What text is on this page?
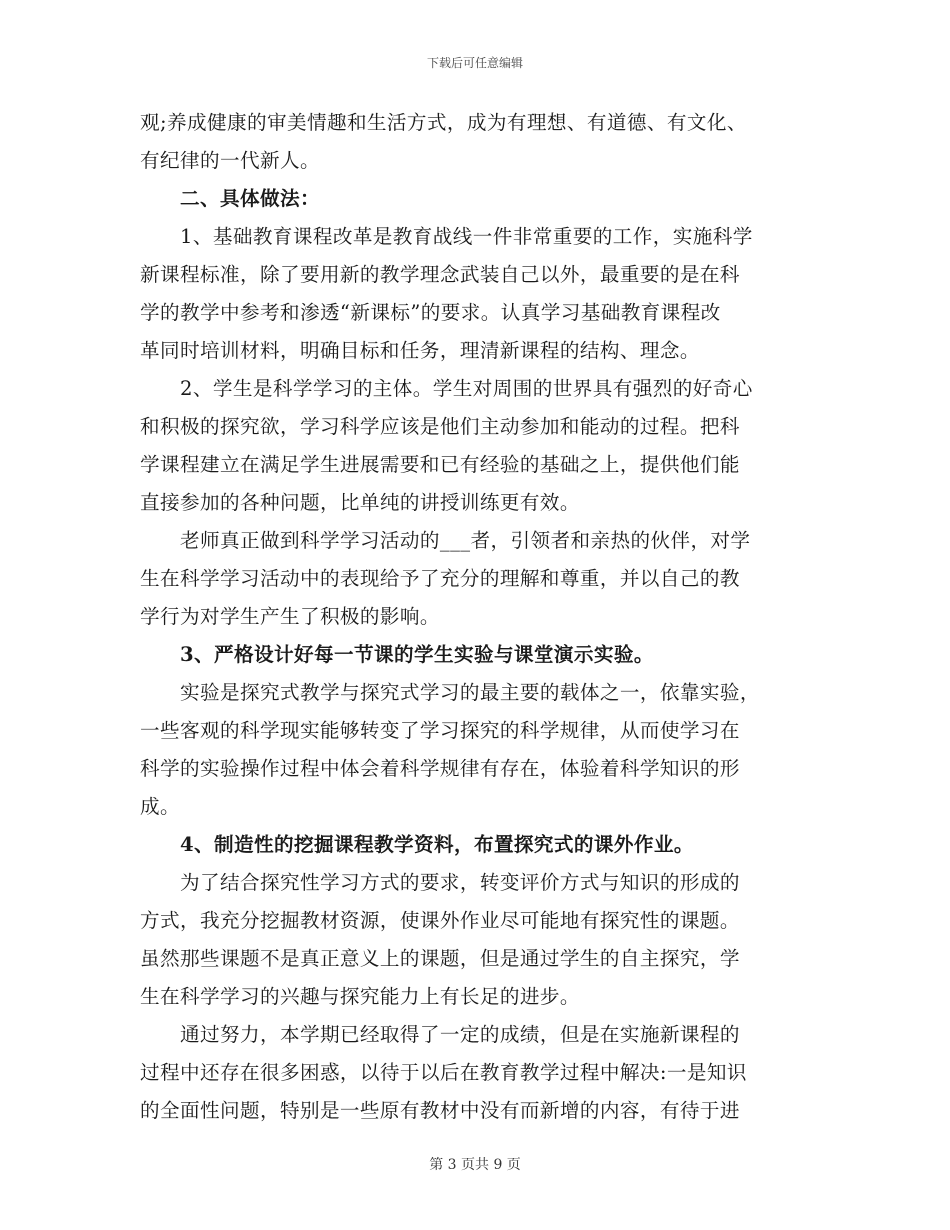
下载后可任意编辑
观;养成健康的审美情趣和生活方式，成为有理想、有道德、有文化、
有纪律的一代新人。
二、具体做法：
1、基础教育课程改革是教育战线一件非常重要的工作，实施科学
新课程标准，除了要用新的教学理念武装自己以外，最重要的是在科
学的教学中参考和渗透“新课标”的要求。认真学习基础教育课程改
革同时培训材料，明确目标和任务，理清新课程的结构、理念。
2、学生是科学学习的主体。学生对周围的世界具有强烈的好奇心
和积极的探究欲，学习科学应该是他们主动参加和能动的过程。把科
学课程建立在满足学生进展需要和已有经验的基础之上，提供他们能
直接参加的各种问题，比单纯的讲授训练更有效。
老师真正做到科学学习活动的___者，引领者和亲热的伙伴，对学
生在科学学习活动中的表现给予了充分的理解和尊重，并以自己的教
学行为对学生产生了积极的影响。
3、严格设计好每一节课的学生实验与课堂演示实验。
实验是探究式教学与探究式学习的最主要的载体之一，依靠实验，
一些客观的科学现实能够转变了学习探究的科学规律，从而使学习在
科学的实验操作过程中体会着科学规律有存在，体验着科学知识的形
成。
4、制造性的挖掘课程教学资料，布置探究式的课外作业。
为了结合探究性学习方式的要求，转变评价方式与知识的形成的
方式，我充分挖掘教材资源，使课外作业尽可能地有探究性的课题。
虽然那些课题不是真正意义上的课题，但是通过学生的自主探究，学
生在科学学习的兴趣与探究能力上有长足的进步。
通过努力，本学期已经取得了一定的成绩，但是在实施新课程的
过程中还存在很多困惑，以待于以后在教育教学过程中解决:一是知识
的全面性问题，特别是一些原有教材中没有而新增的内容，有待于进
第 3 页共 9 页
